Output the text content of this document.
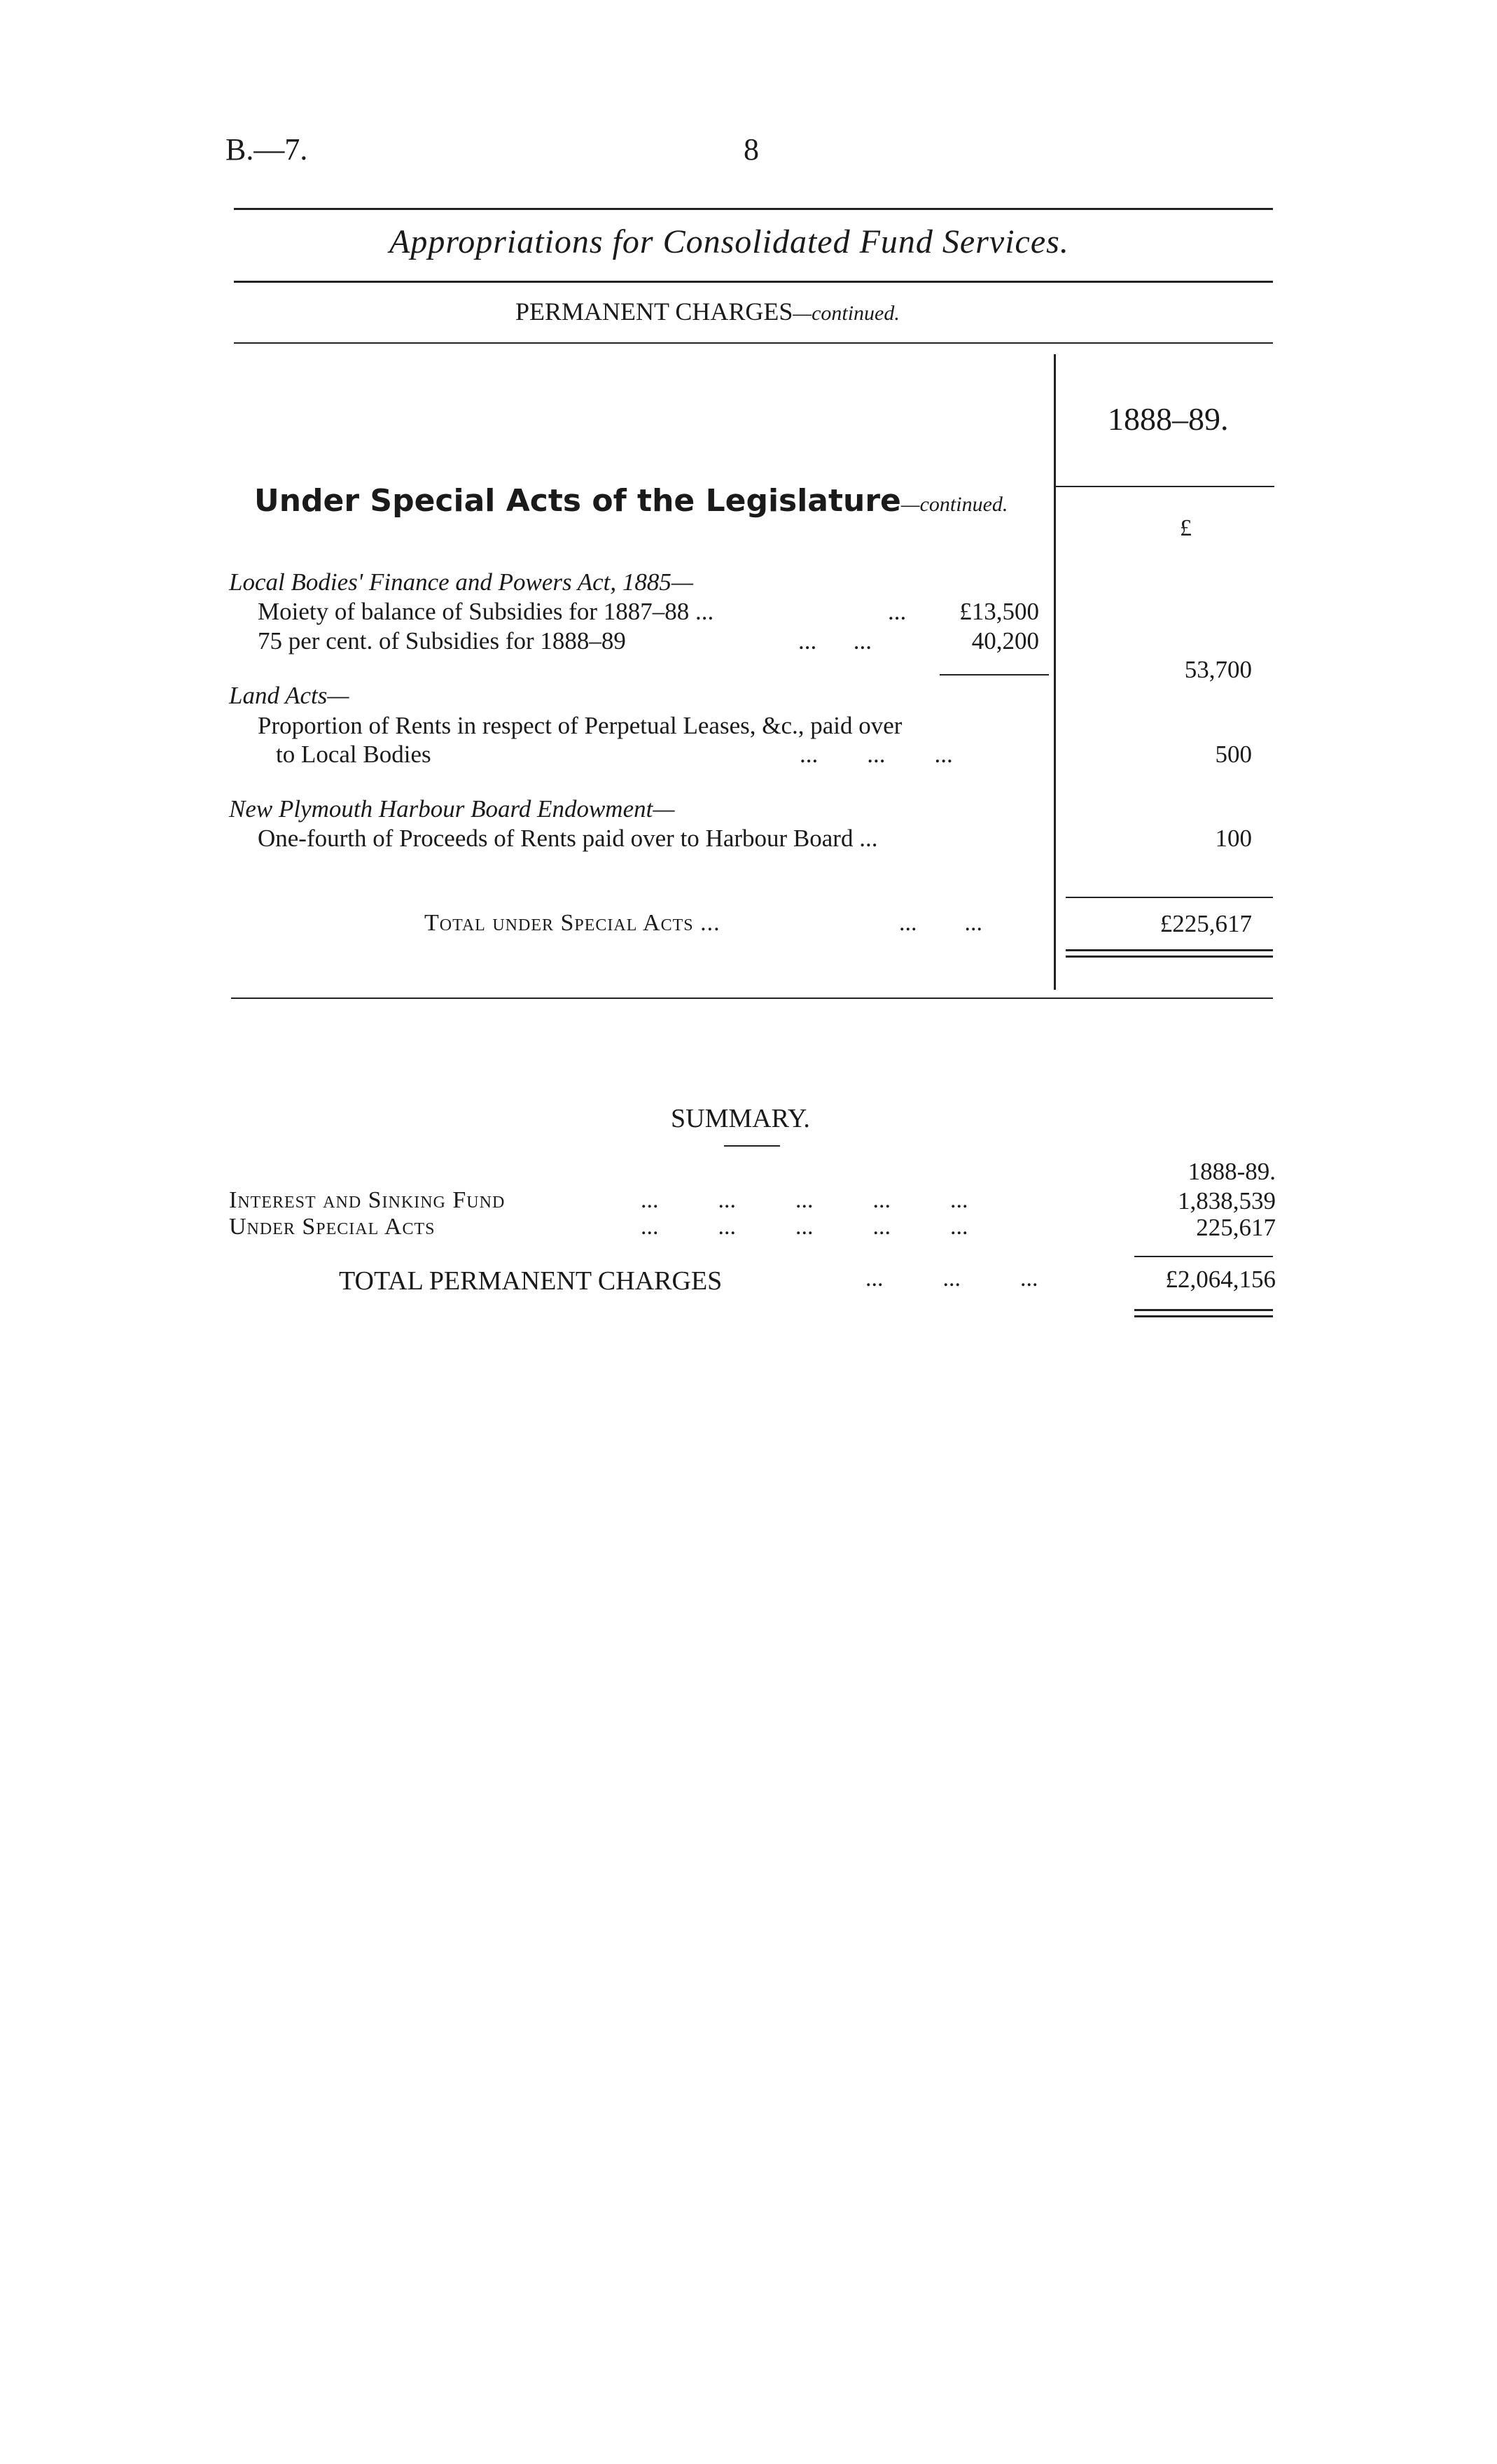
B.—7.	8
Appropriations for Consolidated Fund Services.
PERMANENT CHARGES—continued.
1888–89.
£
Under Special Acts of the Legislature—continued.
Local Bodies' Finance and Powers Act, 1885—
Moiety of balance of Subsidies for 1887–88 ...	...	£13,500
75 per cent. of Subsidies for 1888–89	...      ...	40,200
53,700
Land Acts—
Proportion of Rents in respect of Perpetual Leases, &c., paid over
to Local Bodies	...        ...        ...	500
New Plymouth Harbour Board Endowment—
One-fourth of Proceeds of Rents paid over to Harbour Board ...	100
Total under Special Acts ...	...        ...	£225,617
SUMMARY.
1888-89.
Interest and Sinking Fund	...          ...          ...          ...          ...	1,838,539
Under Special Acts	...          ...          ...          ...          ...	225,617
TOTAL PERMANENT CHARGES	...          ...          ...	£2,064,156
